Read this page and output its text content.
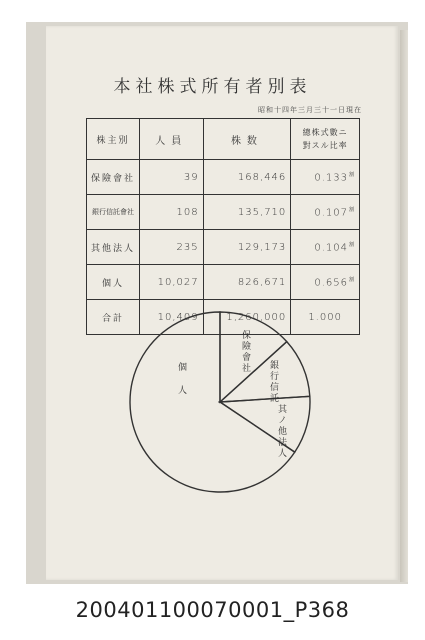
本社株式所有者別表
昭和十四年三月三十一日現在
株主別	人員	株数	總株式數ニ
對スル比率

保險會社	39	168,446	$0.133^割$
銀行信託會社	108	135,710	$0.107^割$
其他法人	235	129,173	$0.104^割$
個人	10,027	826,671	$0.656^割$
合計	10,409	1,260,000	1.000
保險會社
銀行信託
其ノ他法人
個人
200401100070001_P368
